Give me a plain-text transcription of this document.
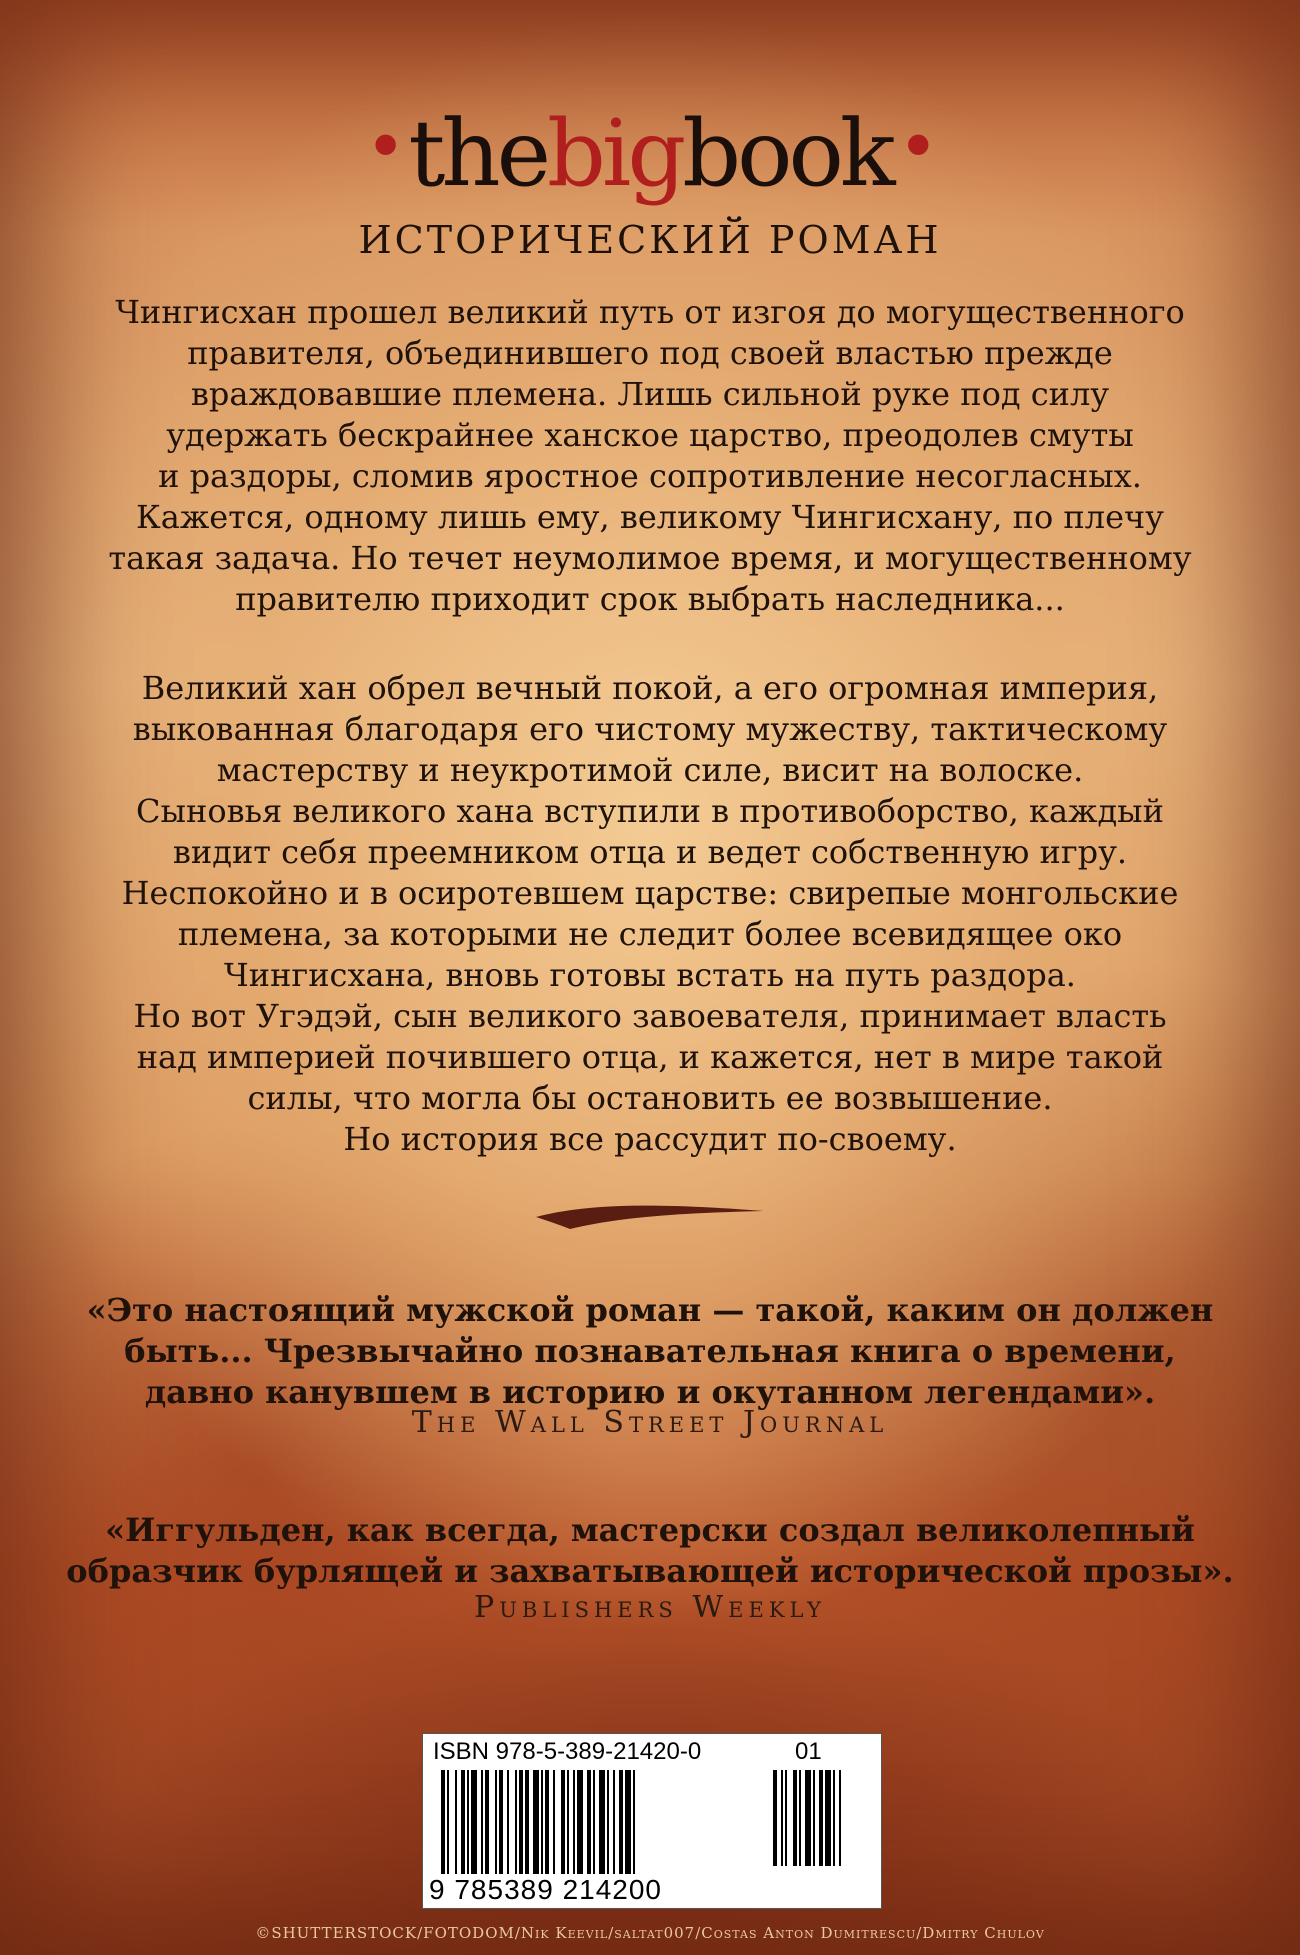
•thebigbook•
ИСТОРИЧЕСКИЙ РОМАН
Чингисхан прошел великий путь от изгоя до могущественного
правителя, объединившего под своей властью прежде
враждовавшие племена. Лишь сильной руке под силу
удержать бескрайнее ханское царство, преодолев смуты
и раздоры, сломив яростное сопротивление несогласных.
Кажется, одному лишь ему, великому Чингисхану, по плечу
такая задача. Но течет неумолимое время, и могущественному
правителю приходит срок выбрать наследника...
Великий хан обрел вечный покой, а его огромная империя,
выкованная благодаря его чистому мужеству, тактическому
мастерству и неукротимой силе, висит на волоске.
Сыновья великого хана вступили в противоборство, каждый
видит себя преемником отца и ведет собственную игру.
Неспокойно и в осиротевшем царстве: свирепые монгольские
племена, за которыми не следит более всевидящее око
Чингисхана, вновь готовы встать на путь раздора.
Но вот Угэдэй, сын великого завоевателя, принимает власть
над империей почившего отца, и кажется, нет в мире такой
силы, что могла бы остановить ее возвышение.
Но история все рассудит по-своему.
«Это настоящий мужской роман — такой, каким он должен
быть... Чрезвычайно познавательная книга о времени,
давно канувшем в историю и окутанном легендами».
The Wall Street Journal
«Иггульден, как всегда, мастерски создал великолепный
образчик бурлящей и захватывающей исторической прозы».
Publishers Weekly
ISBN 978-5-389-21420-0	01
9 785389 214200
©SHUTTERSTOCK/FOTODOM/Nik Keevil/saltat007/Costas Anton Dumitrescu/Dmitry Chulov
